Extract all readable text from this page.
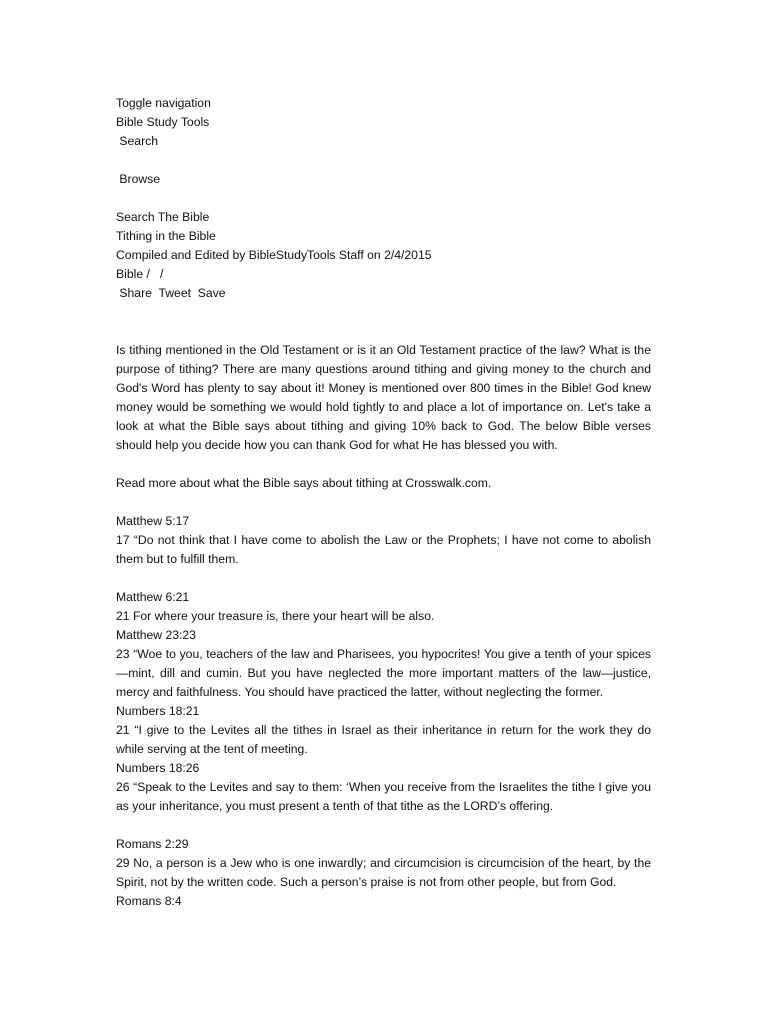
Toggle navigation
Bible Study Tools
Search
Browse
Search The Bible
Tithing in the Bible
Compiled and Edited by BibleStudyTools Staff on 2/4/2015
Bible /   /
Share Tweet Save
Is tithing mentioned in the Old Testament or is it an Old Testament practice of the law? What is the purpose of tithing? There are many questions around tithing and giving money to the church and God's Word has plenty to say about it! Money is mentioned over 800 times in the Bible! God knew money would be something we would hold tightly to and place a lot of importance on. Let's take a look at what the Bible says about tithing and giving 10% back to God. The below Bible verses should help you decide how you can thank God for what He has blessed you with.
Read more about what the Bible says about tithing at Crosswalk.com.
Matthew 5:17
17 “Do not think that I have come to abolish the Law or the Prophets; I have not come to abolish them but to fulfill them.
Matthew 6:21
21 For where your treasure is, there your heart will be also.
Matthew 23:23
23 “Woe to you, teachers of the law and Pharisees, you hypocrites! You give a tenth of your spices—mint, dill and cumin. But you have neglected the more important matters of the law—justice, mercy and faithfulness. You should have practiced the latter, without neglecting the former.
Numbers 18:21
21 “I give to the Levites all the tithes in Israel as their inheritance in return for the work they do while serving at the tent of meeting.
Numbers 18:26
26 “Speak to the Levites and say to them: ‘When you receive from the Israelites the tithe I give you as your inheritance, you must present a tenth of that tithe as the LORD’s offering.
Romans 2:29
29 No, a person is a Jew who is one inwardly; and circumcision is circumcision of the heart, by the Spirit, not by the written code. Such a person’s praise is not from other people, but from God.
Romans 8:4
